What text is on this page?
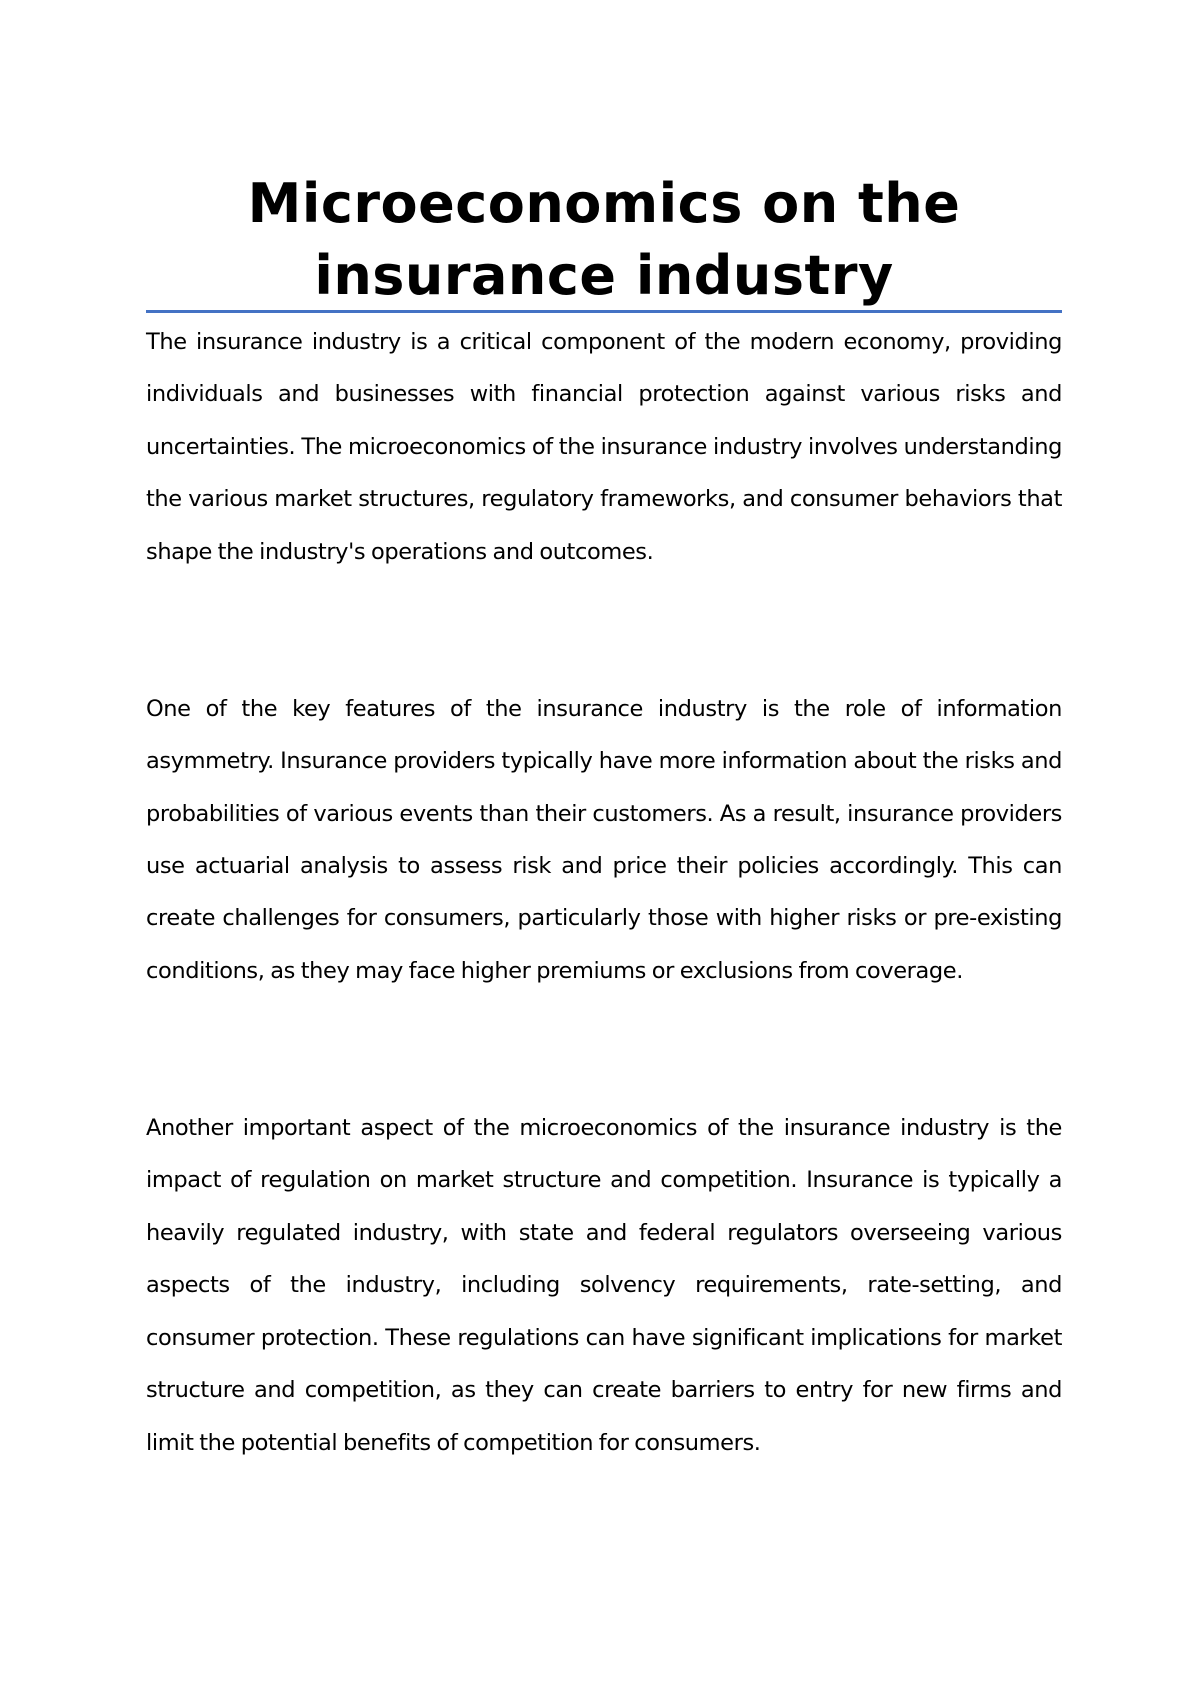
Microeconomics on the insurance industry

The insurance industry is a critical component of the modern economy, providing individuals and businesses with financial protection against various risks and uncertainties. The microeconomics of the insurance industry involves understanding the various market structures, regulatory frameworks, and consumer behaviors that shape the industry's operations and outcomes.

One of the key features of the insurance industry is the role of information asymmetry. Insurance providers typically have more information about the risks and probabilities of various events than their customers. As a result, insurance providers use actuarial analysis to assess risk and price their policies accordingly. This can create challenges for consumers, particularly those with higher risks or pre-existing conditions, as they may face higher premiums or exclusions from coverage.

Another important aspect of the microeconomics of the insurance industry is the impact of regulation on market structure and competition. Insurance is typically a heavily regulated industry, with state and federal regulators overseeing various aspects of the industry, including solvency requirements, rate-setting, and consumer protection. These regulations can have significant implications for market structure and competition, as they can create barriers to entry for new firms and limit the potential benefits of competition for consumers.
